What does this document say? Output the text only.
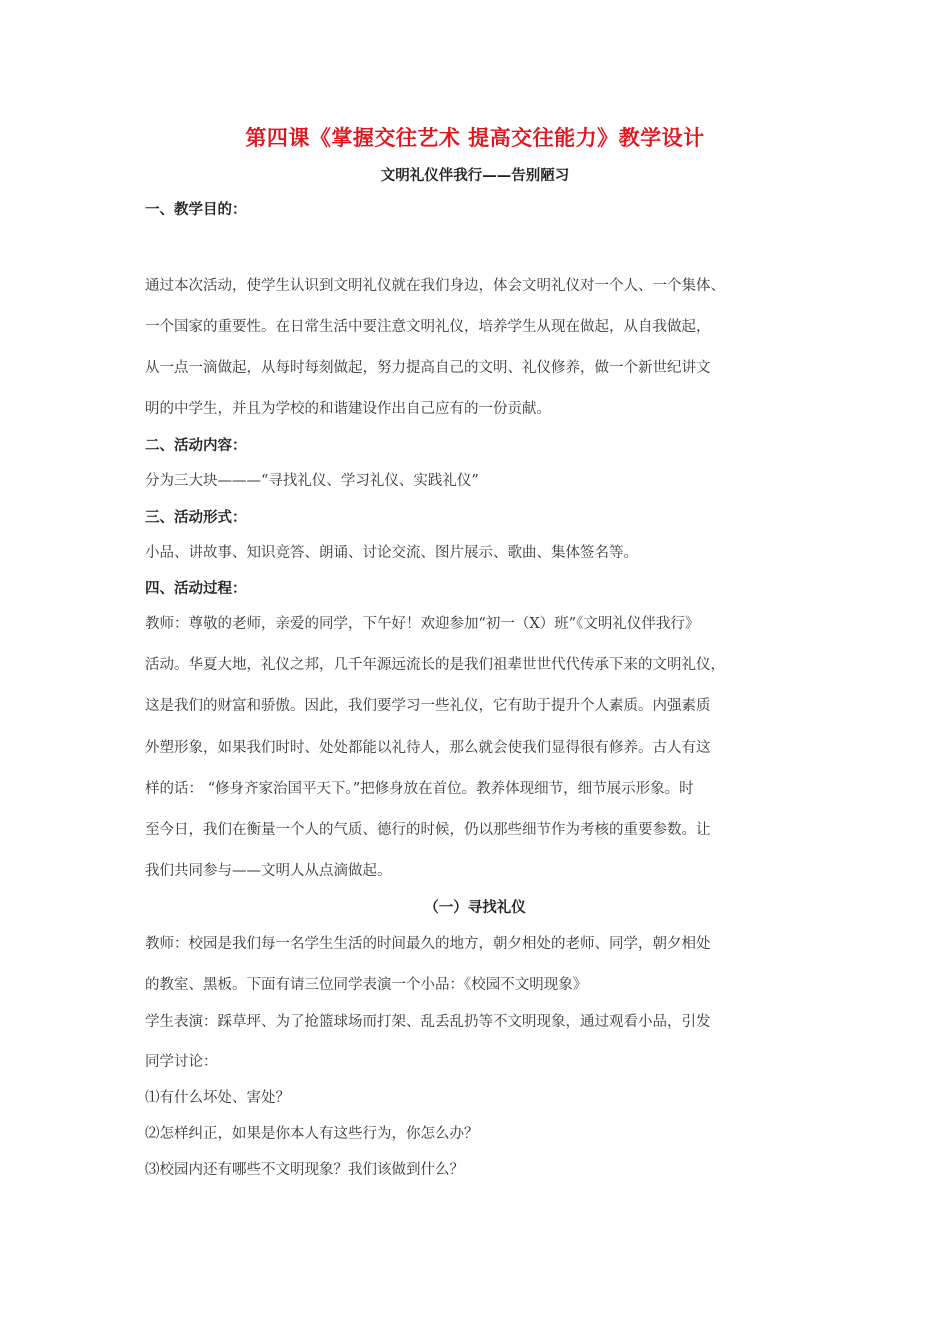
第四课《掌握交往艺术 提高交往能力》教学设计
文明礼仪伴我行——告别陋习
一、教学目的：
通过本次活动，使学生认识到文明礼仪就在我们身边，体会文明礼仪对一个人、一个集体、
一个国家的重要性。在日常生活中要注意文明礼仪，培养学生从现在做起，从自我做起，
从一点一滴做起，从每时每刻做起，努力提高自己的文明、礼仪修养，做一个新世纪讲文
明的中学生，并且为学校的和谐建设作出自己应有的一份贡献。
二、活动内容：
分为三大块———“寻找礼仪、学习礼仪、实践礼仪”
三、活动形式：
小品、讲故事、知识竞答、朗诵、讨论交流、图片展示、歌曲、集体签名等。
四、活动过程：
教师：尊敬的老师，亲爱的同学，下午好！欢迎参加“初一（X）班”《文明礼仪伴我行》
活动。华夏大地，礼仪之邦，几千年源远流长的是我们祖辈世世代代传承下来的文明礼仪，
这是我们的财富和骄傲。因此，我们要学习一些礼仪，它有助于提升个人素质。内强素质
外塑形象，如果我们时时、处处都能以礼待人，那么就会使我们显得很有修养。古人有这
样的话： “修身齐家治国平天下。”把修身放在首位。教养体现细节，细节展示形象。时
至今日，我们在衡量一个人的气质、德行的时候，仍以那些细节作为考核的重要参数。让
我们共同参与——文明人从点滴做起。
（一）寻找礼仪
教师：校园是我们每一名学生生活的时间最久的地方，朝夕相处的老师、同学，朝夕相处
的教室、黑板。下面有请三位同学表演一个小品：《校园不文明现象》
学生表演：踩草坪、为了抢篮球场而打架、乱丢乱扔等不文明现象，通过观看小品，引发
同学讨论：
⑴有什么坏处、害处？
⑵怎样纠正，如果是你本人有这些行为，你怎么办？
⑶校园内还有哪些不文明现象？我们该做到什么？
